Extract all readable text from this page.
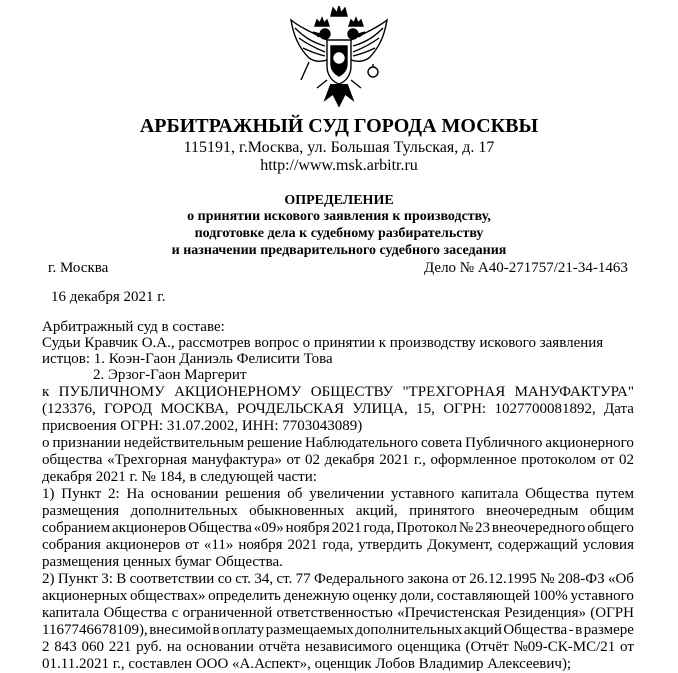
АРБИТРАЖНЫЙ СУД ГОРОДА МОСКВЫ
115191, г.Москва, ул. Большая Тульская, д. 17
http://www.msk.arbitr.ru
ОПРЕДЕЛЕНИЕ
о принятии искового заявления к производству,
подготовке дела к судебному разбирательству
и назначении предварительного судебного заседания
г. Москва	Дело № А40-271757/21-34-1463
16 декабря 2021 г.
Арбитражный суд в составе:
Судьи Кравчик О.А., рассмотрев вопрос о принятии к производству искового заявления
истцов: 1. Коэн-Гаон Даниэль Фелисити Това
2. Эрзог-Гаон Маргерит
к ПУБЛИЧНОМУ АКЦИОНЕРНОМУ ОБЩЕСТВУ "ТРЕХГОРНАЯ МАНУФАКТУРА"
(123376, ГОРОД МОСКВА, РОЧДЕЛЬСКАЯ УЛИЦА, 15, ОГРН: 1027700081892, Дата
присвоения ОГРН: 31.07.2002, ИНН: 7703043089)
о признании недействительным решение Наблюдательного совета Публичного акционерного
общества «Трехгорная мануфактура» от 02 декабря 2021 г., оформленное протоколом от 02
декабря 2021 г. № 184, в следующей части:
1) Пункт 2: На основании решения об увеличении уставного капитала Общества путем
размещения дополнительных обыкновенных акций, принятого внеочередным общим
собранием акционеров Общества «09» ноября 2021 года, Протокол № 23 внеочередного общего
собрания акционеров от «11» ноября 2021 года, утвердить Документ, содержащий условия
размещения ценных бумаг Общества.
2) Пункт 3: В соответствии со ст. 34, ст. 77 Федерального закона от 26.12.1995 № 208-ФЗ «Об
акционерных обществах» определить денежную оценку доли, составляющей 100% уставного
капитала Общества с ограниченной ответственностью «Пречистенская Резиденция» (ОГРН
1167746678109), внесимой в оплату размещаемых дополнительных акций Общества - в размере
2 843 060 221 руб. на основании отчёта независимого оценщика (Отчёт №09-СК-МС/21 от
01.11.2021 г., составлен ООО «А.Аспект», оценщик Лобов Владимир Алексеевич);
